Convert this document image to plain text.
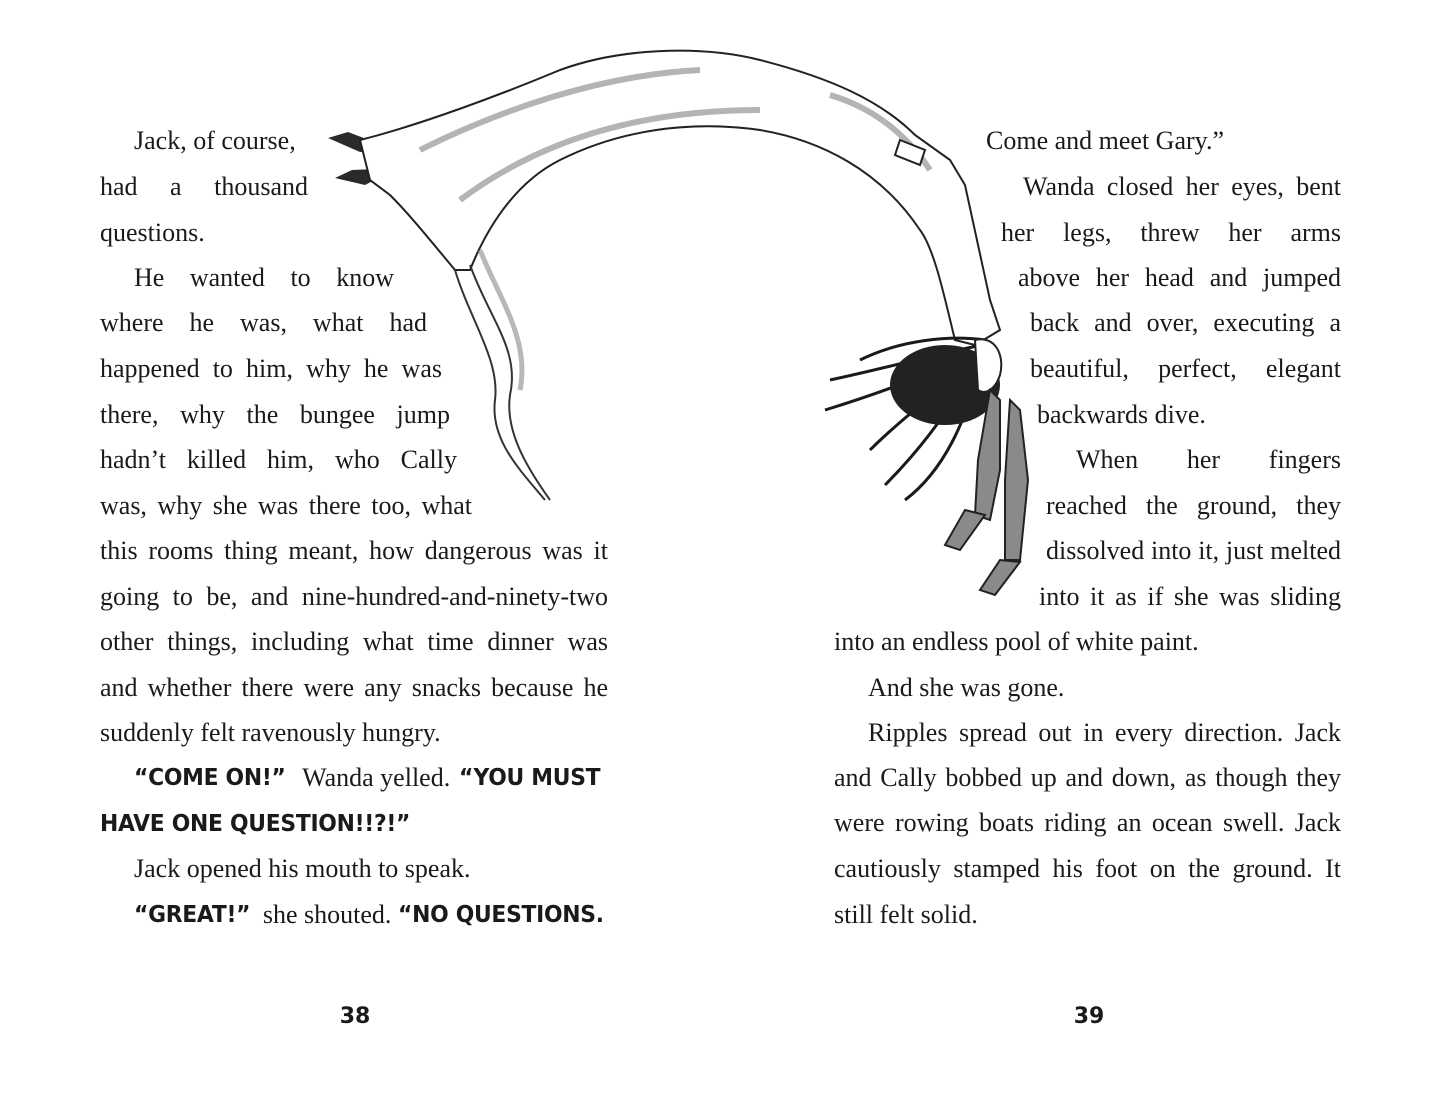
Jack, of course,

had a thousand

questions.

He wanted to know

where he was, what had

happened to him, why he was

there, why the bungee jump

hadn’t killed him, who Cally

was, why she was there too, what

this rooms thing meant, how dangerous was it

going to be, and nine-hundred-and-ninety-two

other things, including what time dinner was

and whether there were any snacks because he

suddenly felt ravenously hungry.

“COME ON!” Wanda yelled. “YOU MUST

HAVE ONE QUESTION!!?!”

Jack opened his mouth to speak.

“GREAT!” she shouted. “NO QUESTIONS.

38

Come and meet Gary.”

Wanda closed her eyes, bent

her legs, threw her arms

above her head and jumped

back and over, executing a

beautiful, perfect, elegant

backwards dive.

When her fingers

reached the ground, they

dissolved into it, just melted

into it as if she was sliding

into an endless pool of white paint.

And she was gone.

Ripples spread out in every direction. Jack

and Cally bobbed up and down, as though they

were rowing boats riding an ocean swell. Jack

cautiously stamped his foot on the ground. It

still felt solid.

39
